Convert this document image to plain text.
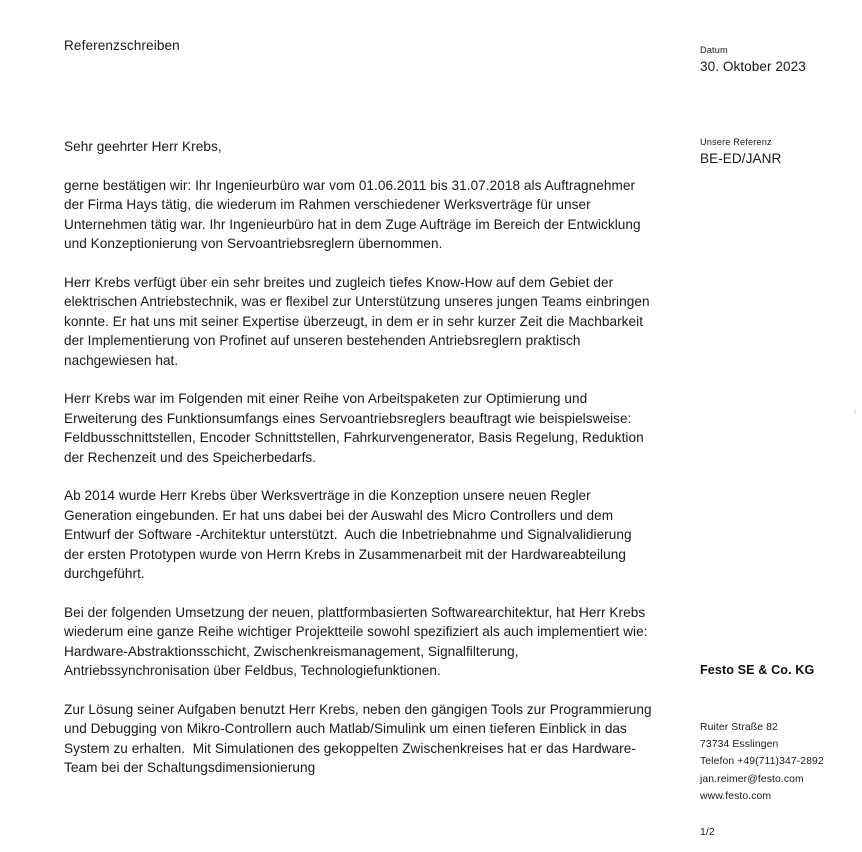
Referenzschreiben

Sehr geehrter Herr Krebs,

gerne bestätigen wir: Ihr Ingenieurbüro war vom 01.06.2011 bis 31.07.2018 als Auftragnehmer der Firma Hays tätig, die wiederum im Rahmen verschiedener Werksverträge für unser Unternehmen tätig war. Ihr Ingenieurbüro hat in dem Zuge Aufträge im Bereich der Entwicklung und Konzeptionierung von Servoantriebsreglern übernommen.

Herr Krebs verfügt über ein sehr breites und zugleich tiefes Know-How auf dem Gebiet der elektrischen Antriebstechnik, was er flexibel zur Unterstützung unseres jungen Teams einbringen konnte. Er hat uns mit seiner Expertise überzeugt, in dem er in sehr kurzer Zeit die Machbarkeit der Implementierung von Profinet auf unseren bestehenden Antriebsreglern praktisch nachgewiesen hat.

Herr Krebs war im Folgenden mit einer Reihe von Arbeitspaketen zur Optimierung und Erweiterung des Funktionsumfangs eines Servoantriebsreglers beauftragt wie beispielsweise: Feldbusschnittstellen, Encoder Schnittstellen, Fahrkurvengenerator, Basis Regelung, Reduktion der Rechenzeit und des Speicherbedarfs.

Ab 2014 wurde Herr Krebs über Werksverträge in die Konzeption unsere neuen Regler Generation eingebunden. Er hat uns dabei bei der Auswahl des Micro Controllers und dem Entwurf der Software -Architektur unterstützt.  Auch die Inbetriebnahme und Signalvalidierung der ersten Prototypen wurde von Herrn Krebs in Zusammenarbeit mit der Hardwareabteilung durchgeführt.

Bei der folgenden Umsetzung der neuen, plattformbasierten Softwarearchitektur, hat Herr Krebs wiederum eine ganze Reihe wichtiger Projektteile sowohl spezifiziert als auch implementiert wie: Hardware-Abstraktionsschicht, Zwischenkreismanagement, Signalfilterung, Antriebssynchronisation über Feldbus, Technologiefunktionen.

Zur Lösung seiner Aufgaben benutzt Herr Krebs, neben den gängigen Tools zur Programmierung und Debugging von Mikro-Controllern auch Matlab/Simulink um einen tieferen Einblick in das System zu erhalten.  Mit Simulationen des gekoppelten Zwischenkreises hat er das Hardware-Team bei der Schaltungsdimensionierung

Datum

30. Oktober 2023

Unsere Referenz

BE-ED/JANR

Festo SE & Co. KG

Ruiter Straße 82

73734 Esslingen

Telefon +49(711)347-2892

jan.reimer@festo.com

www.festo.com

1/2
